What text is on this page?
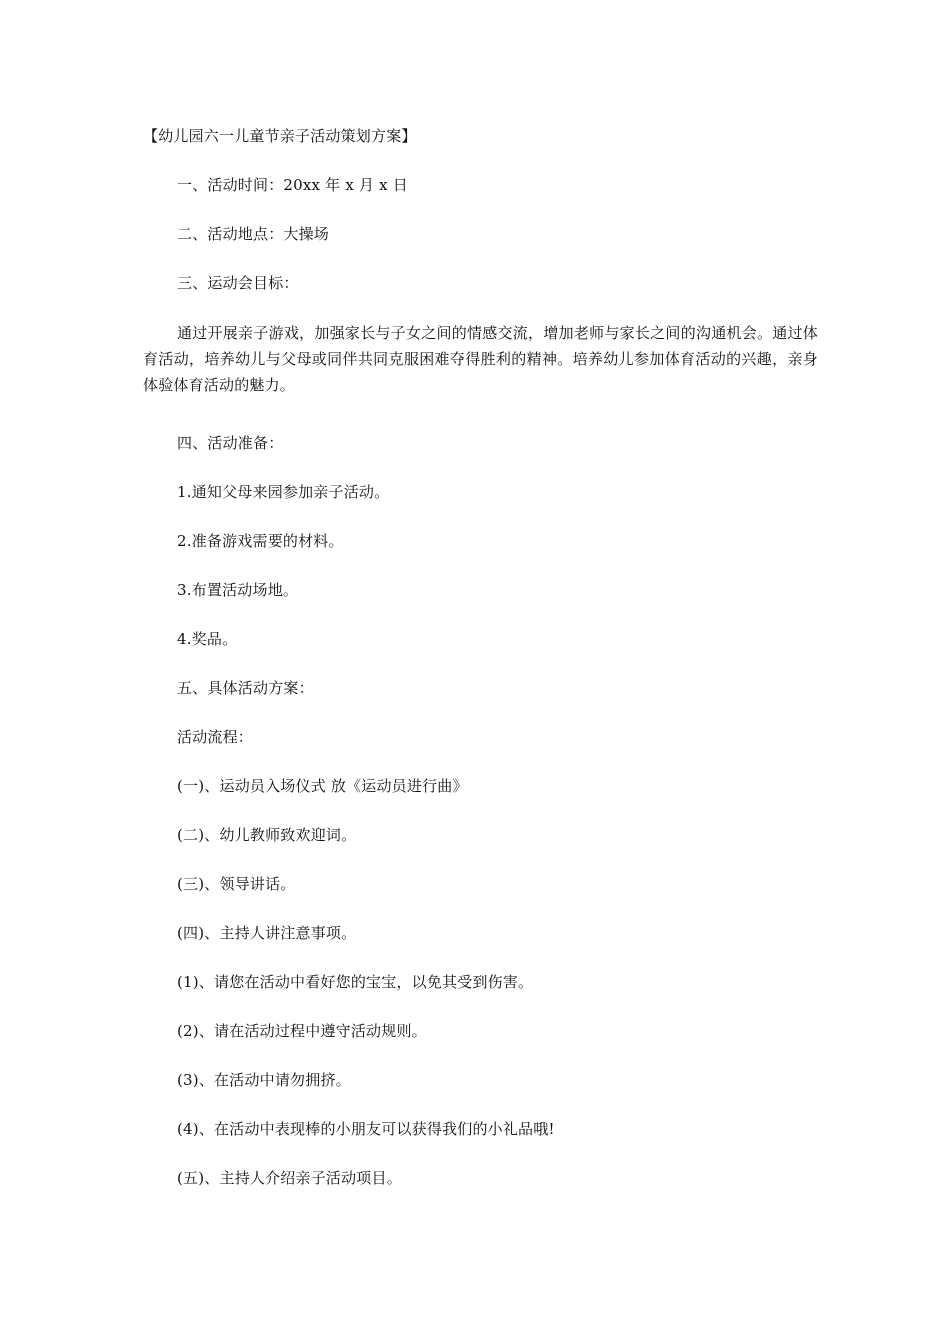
【幼儿园六一儿童节亲子活动策划方案】
一、活动时间：20xx 年 x 月 x 日
二、活动地点：大操场
三、运动会目标：
通过开展亲子游戏，加强家长与子女之间的情感交流，增加老师与家长之间的沟通机会。通过体育活动，培养幼儿与父母或同伴共同克服困难夺得胜利的精神。培养幼儿参加体育活动的兴趣，亲身体验体育活动的魅力。
四、活动准备：
1.通知父母来园参加亲子活动。
2.准备游戏需要的材料。
3.布置活动场地。
4.奖品。
五、具体活动方案：
活动流程：
(一)、运动员入场仪式 放《运动员进行曲》
(二)、幼儿教师致欢迎词。
(三)、领导讲话。
(四)、主持人讲注意事项。
(1)、请您在活动中看好您的宝宝，以免其受到伤害。
(2)、请在活动过程中遵守活动规则。
(3)、在活动中请勿拥挤。
(4)、在活动中表现棒的小朋友可以获得我们的小礼品哦!
(五)、主持人介绍亲子活动项目。
